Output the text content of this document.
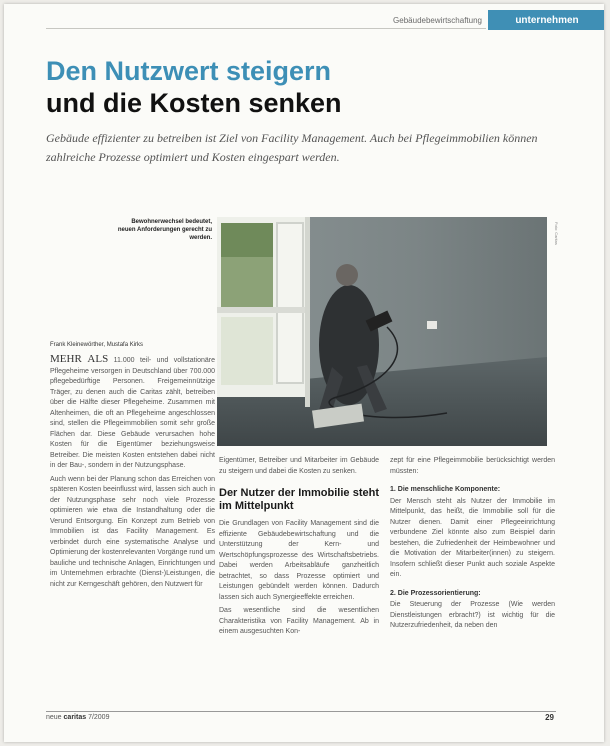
Gebäudebewirtschaftung	unternehmen
Den Nutzwert steigern
und die Kosten senken
Gebäude effizienter zu betreiben ist Ziel von Facility Management. Auch bei Pflegeimmobilien können zahlreiche Prozesse optimiert und Kosten eingespart werden.
Bewohnerwechsel bedeutet, neuen Anforderungen gerecht zu werden.	Foto: Caritas
Frank Kleinewörther, Mustafa Kirks

MEHR ALS 11.000 teil- und vollstationäre Pflegeheime versorgen in Deutschland über 700.000 pflegebedürftige Personen. Freigemeinnützige Träger, zu denen auch die Caritas zählt, betreiben über die Hälfte dieser Pflegeheime. Zusammen mit Altenheimen, die oft an Pflegeheime angeschlossen sind, stellen die Pflegeimmobilien somit sehr große Flächen dar. Diese Gebäude verursachen hohe Kosten für die Eigentümer beziehungsweise Betreiber. Die meisten Kosten entstehen dabei nicht in der Bau-, sondern in der Nutzungsphase.

Auch wenn bei der Planung schon das Erreichen von späteren Kosten beeinflusst wird, lassen sich auch in der Nutzungsphase sehr noch viele Prozesse optimieren wie etwa die Instandhaltung oder die Verund Entsorgung. Ein Konzept zum Betrieb von Immobilien ist das Facility Management. Es verbindet durch eine systematische Analyse und Optimierung der kostenrelevanten Vorgänge rund um bauliche und technische Anlagen, Einrichtungen und im Unternehmen erbrachte (Dienst-)Leistungen, die nicht zur Kerngeschäft gehören, den Nutzwert für

Eigentümer, Betreiber und Mitarbeiter im Gebäude zu steigern und dabei die Kosten zu senken.

Der Nutzer der Immobilie steht im Mittelpunkt

Die Grundlagen von Facility Management sind die effiziente Gebäudebewirtschaftung und die Unterstützung der Kern- und Wertschöpfungsprozesse des Wirtschaftsbetriebs. Dabei werden Arbeitsabläufe ganzheitlich betrachtet, so dass Prozesse optimiert und Leistungen gebündelt werden können. Dadurch lassen sich auch Synergieeffekte erreichen.

Das wesentliche sind die wesentlichen Charakteristika von Facility Management. Ab in einem ausgesuchten Kon-

zept für eine Pflegeimmobilie berücksichtigt werden müssten:

1. Die menschliche Komponente:

Der Mensch steht als Nutzer der Immobilie im Mittelpunkt, das heißt, die Immobilie soll für die Nutzer dienen. Damit einer Pflegeeinrichtung verbundene Ziel könnte also zum Beispiel darin bestehen, die Zufriedenheit der Heimbewohner und die Motivation der Mitarbeiter(innen) zu steigern. Insofern schließt dieser Punkt auch soziale Aspekte ein.

2. Die Prozessorientierung:

Die Steuerung der Prozesse (Wie werden Dienstleistungen erbracht?) ist wichtig für die Nutzerzufriedenheit, da neben den

neue caritas 7/2009	29
